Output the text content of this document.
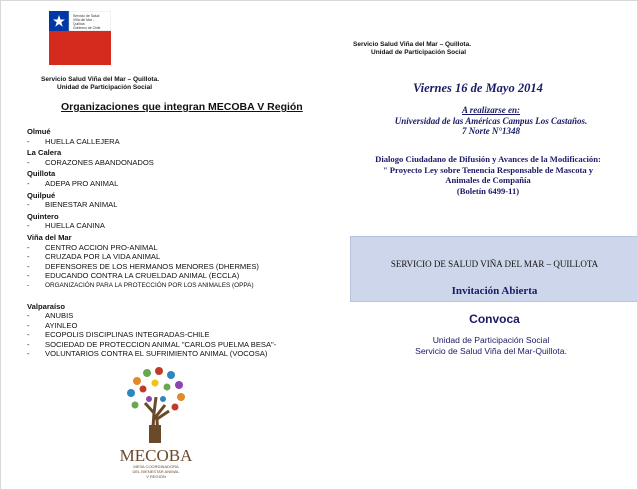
Servicio de Salud
Viña del Mar -
Quillota
Gobierno de Chile
Servicio Salud Viña del Mar – Quillota.
Unidad de Participación Social
Organizaciones que integran MECOBA V Región
Olmué
- HUELLA CALLEJERA
La Calera
- CORAZONES ABANDONADOS
Quillota
- ADEPA PRO ANIMAL
Quilpué
- BIENESTAR ANIMAL
Quintero
- HUELLA CANINA
Viña del Mar
- CENTRO ACCION PRO-ANIMAL
- CRUZADA POR LA VIDA ANIMAL
- DEFENSORES DE LOS HERMANOS MENORES (DHERMES)
- EDUCANDO CONTRA LA CRUELDAD ANIMAL (ECCLA)
- ORGANIZACIÓN PARA LA PROTECCIÓN POR LOS ANIMALES (OPPA)
Valparaíso
- ANUBIS
- AYINLEO
- ECOPOLIS DISCIPLINAS INTEGRADAS-CHILE
- SOCIEDAD DE PROTECCION ANIMAL "CARLOS PUELMA BESA"-
- VOLUNTARIOS CONTRA EL SUFRIMIENTO ANIMAL (VOCOSA)
MECOBA
MESA COORDINADORA
DEL BIENESTAR ANIMAL
V REGIÓN
Servicio Salud Viña del Mar – Quillota.
Unidad de Participación Social
Viernes 16 de Mayo 2014
A realizarse en:
Universidad de las Américas Campus Los Castaños.
7 Norte N°1348
Dialogo Ciudadano de Difusión y Avances de la Modificación:
" Proyecto Ley sobre Tenencia Responsable de Mascota y
Animales de Compañía
(Boletín 6499-11)
SERVICIO DE SALUD VIÑA DEL MAR – QUILLOTA
Invitación Abierta
Convoca
Unidad de Participación Social
Servicio de Salud Viña del Mar-Quillota.
